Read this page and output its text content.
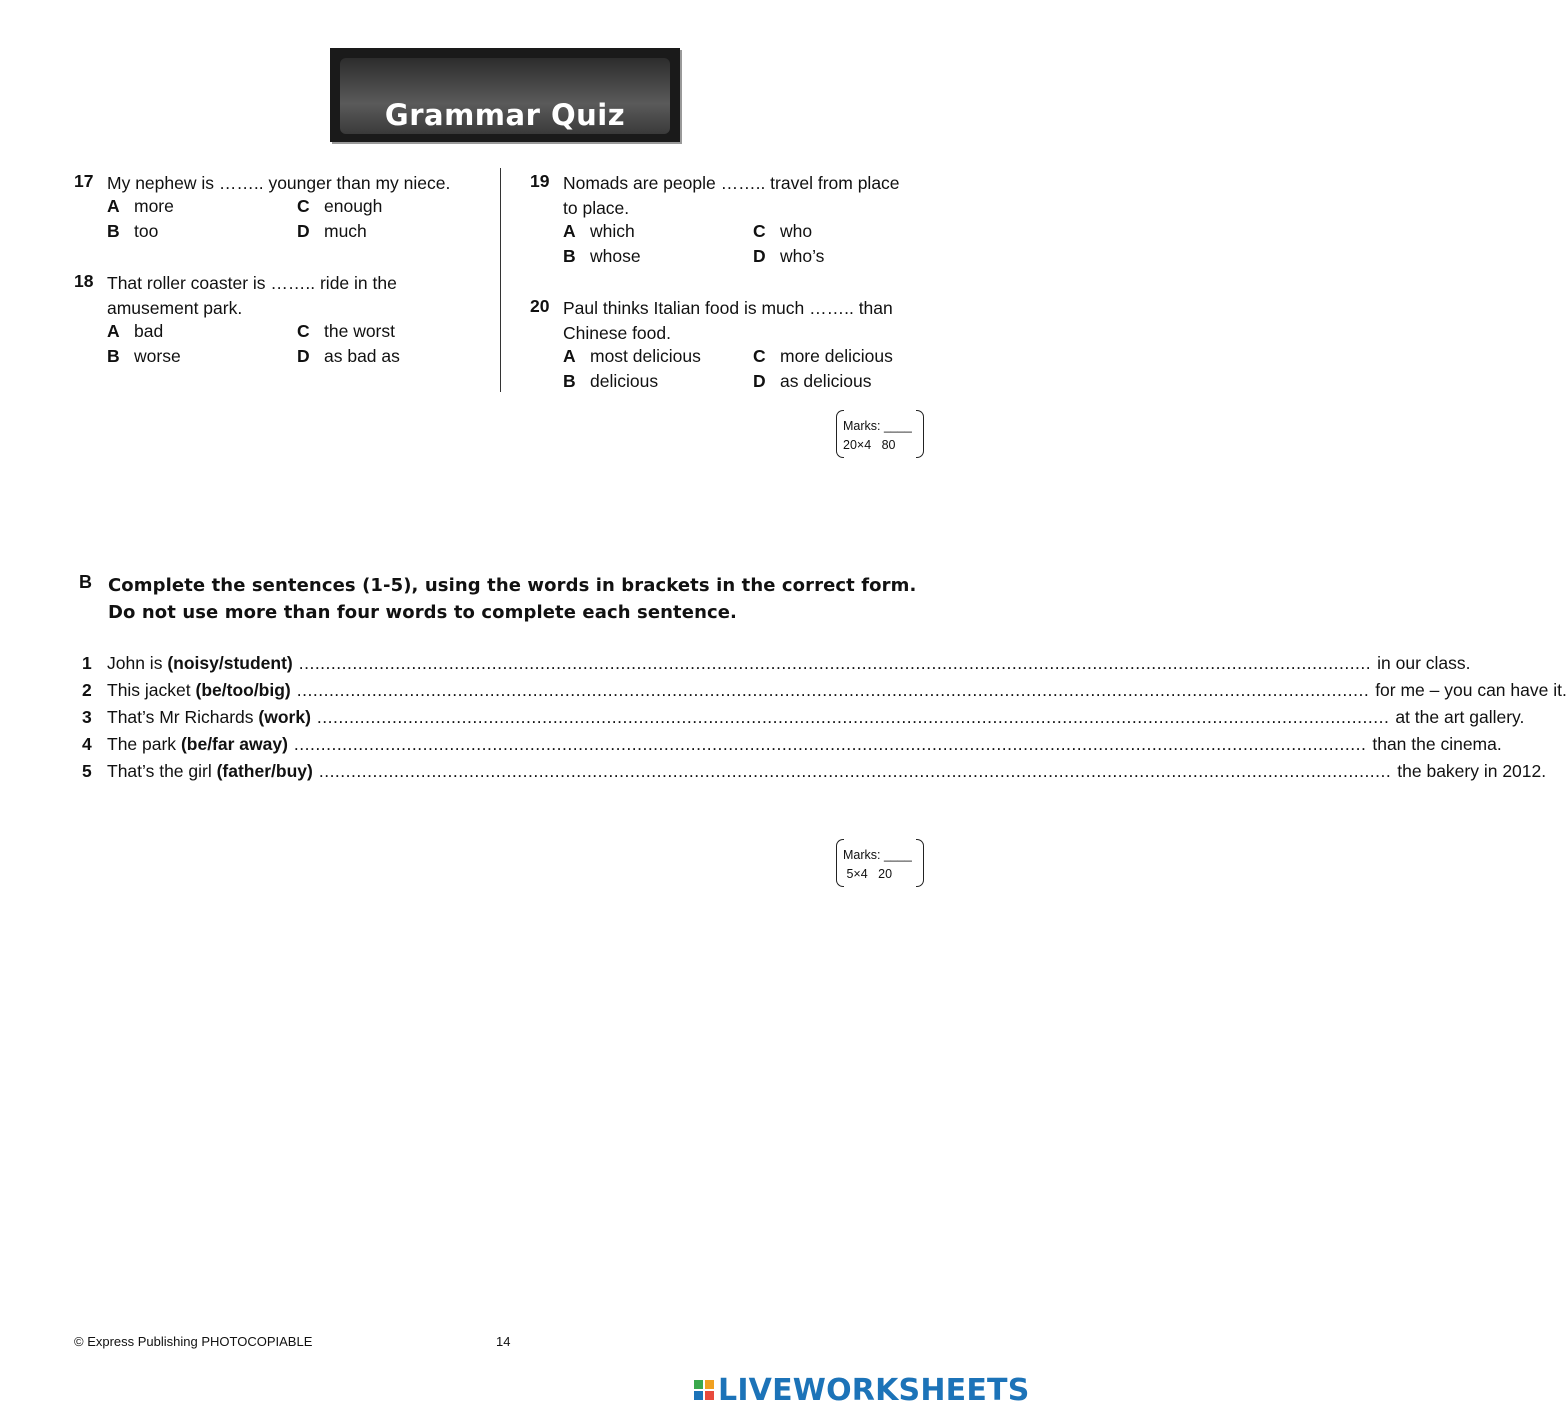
Grammar Quiz
17 My nephew is …….. younger than my niece.
A more	C enough
B too	D much
18 That roller coaster is …….. ride in the
amusement park.
A bad	C the worst
B worse	D as bad as
19 Nomads are people …….. travel from place
to place.
A which	C who
B whose	D who’s
20 Paul thinks Italian food is much …….. than
Chinese food.
A most delicious	C more delicious
B delicious	D as delicious
Marks: ____
20×4 80
B Complete the sentences (1-5), using the words in brackets in the correct form.
Do not use more than four words to complete each sentence.
1 John is (noisy/student) ........................................................................................................................................................................................................ in our class.
2 This jacket (be/too/big) ........................................................................................................................................................................................................ for me – you can have it.
3 That’s Mr Richards (work) ........................................................................................................................................................................................................ at the art gallery.
4 The park (be/far away) ........................................................................................................................................................................................................ than the cinema.
5 That’s the girl (father/buy) ........................................................................................................................................................................................................ the bakery in 2012.
Marks: ____
5×4 20
© Express Publishing PHOTOCOPIABLE	14
LIVEWORKSHEETS
